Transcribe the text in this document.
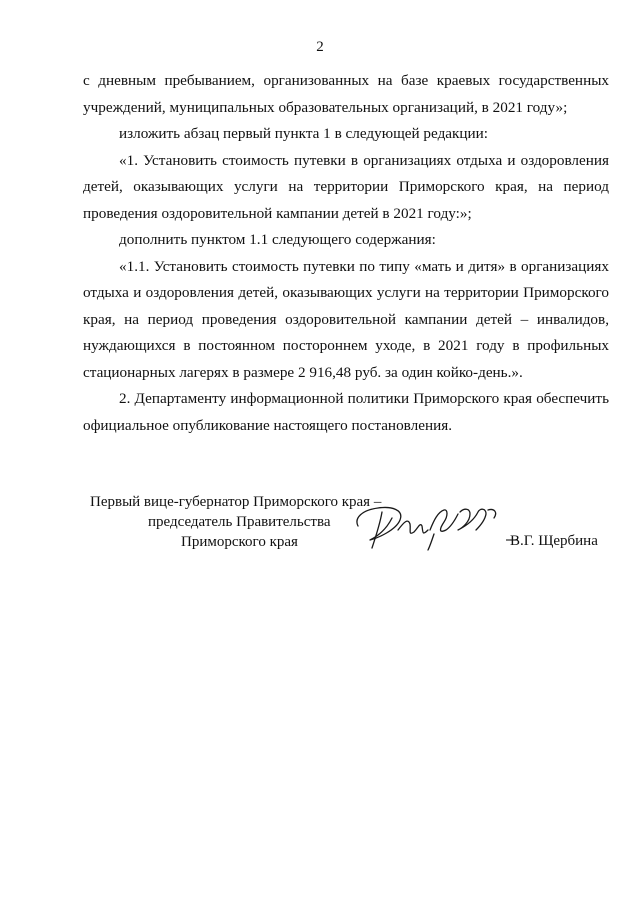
2

с дневным пребыванием, организованных на базе краевых государственных учреждений, муниципальных образовательных организаций, в 2021 году»;

изложить абзац первый пункта 1 в следующей редакции:

«1. Установить стоимость путевки в организациях отдыха и оздоровления детей, оказывающих услуги на территории Приморского края, на период проведения оздоровительной кампании детей в 2021 году:»;

дополнить пунктом 1.1 следующего содержания:

«1.1. Установить стоимость путевки по типу «мать и дитя» в организациях отдыха и оздоровления детей, оказывающих услуги на территории Приморского края, на период проведения оздоровительной кампании детей – инвалидов, нуждающихся в постоянном постороннем уходе, в 2021 году в профильных стационарных лагерях в размере 2 916,48 руб. за один койко-день.».

2. Департаменту информационной политики Приморского края обеспечить официальное опубликование настоящего постановления.

Первый вице-губернатор Приморского края –
председатель Правительства
Приморского края	В.Г. Щербина
